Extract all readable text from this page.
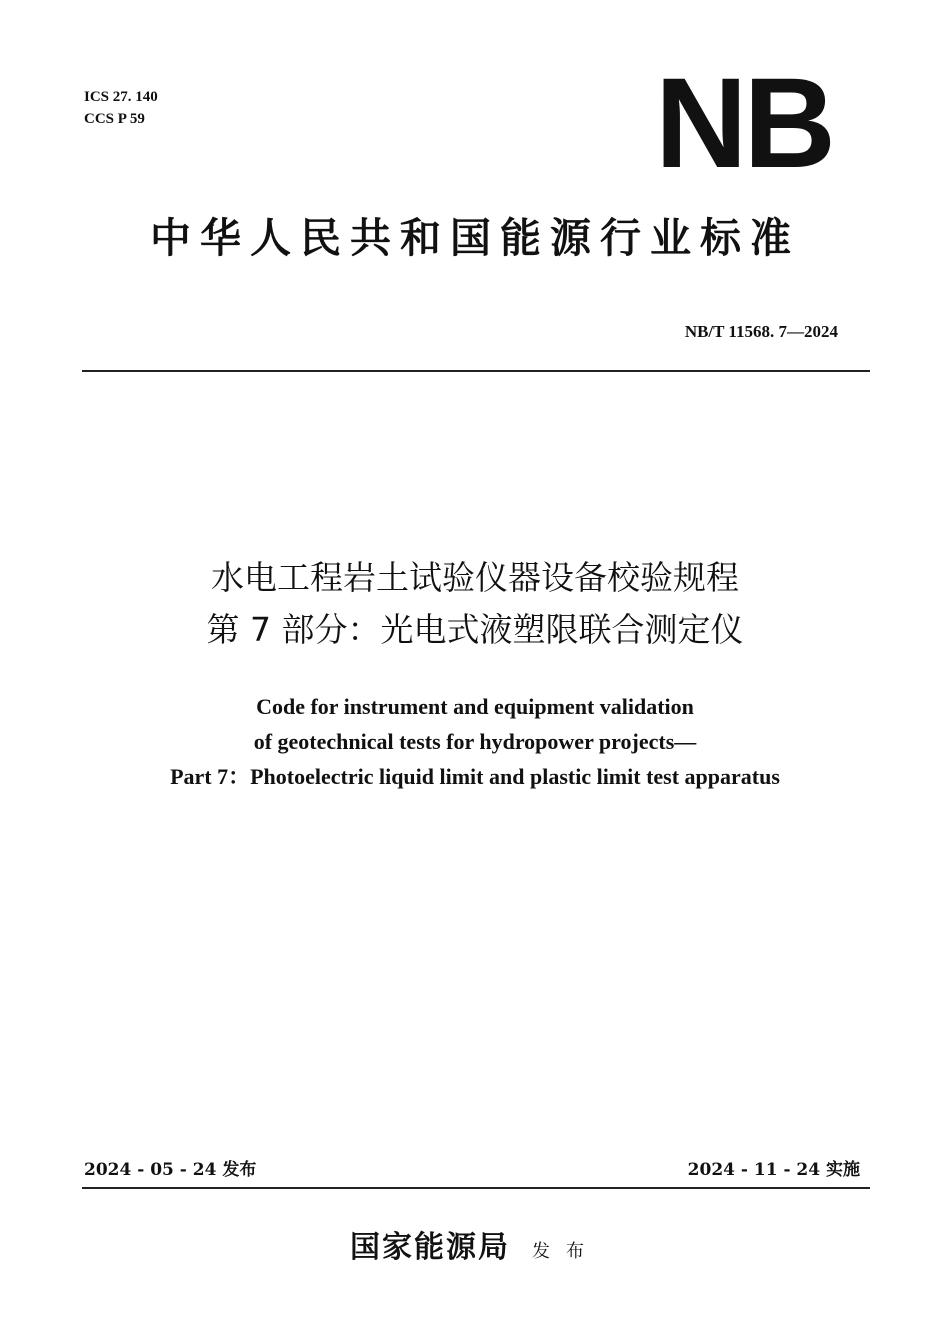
ICS 27. 140
CCS P 59	NB
中华人民共和国能源行业标准
NB/T 11568. 7—2024
水电工程岩土试验仪器设备校验规程
第 7 部分：光电式液塑限联合测定仪
Code for instrument and equipment validation
of geotechnical tests for hydropower projects—
Part 7：Photoelectric liquid limit and plastic limit test apparatus
2024 - 05 - 24 发布	2024 - 11 - 24 实施
国家能源局 发布
